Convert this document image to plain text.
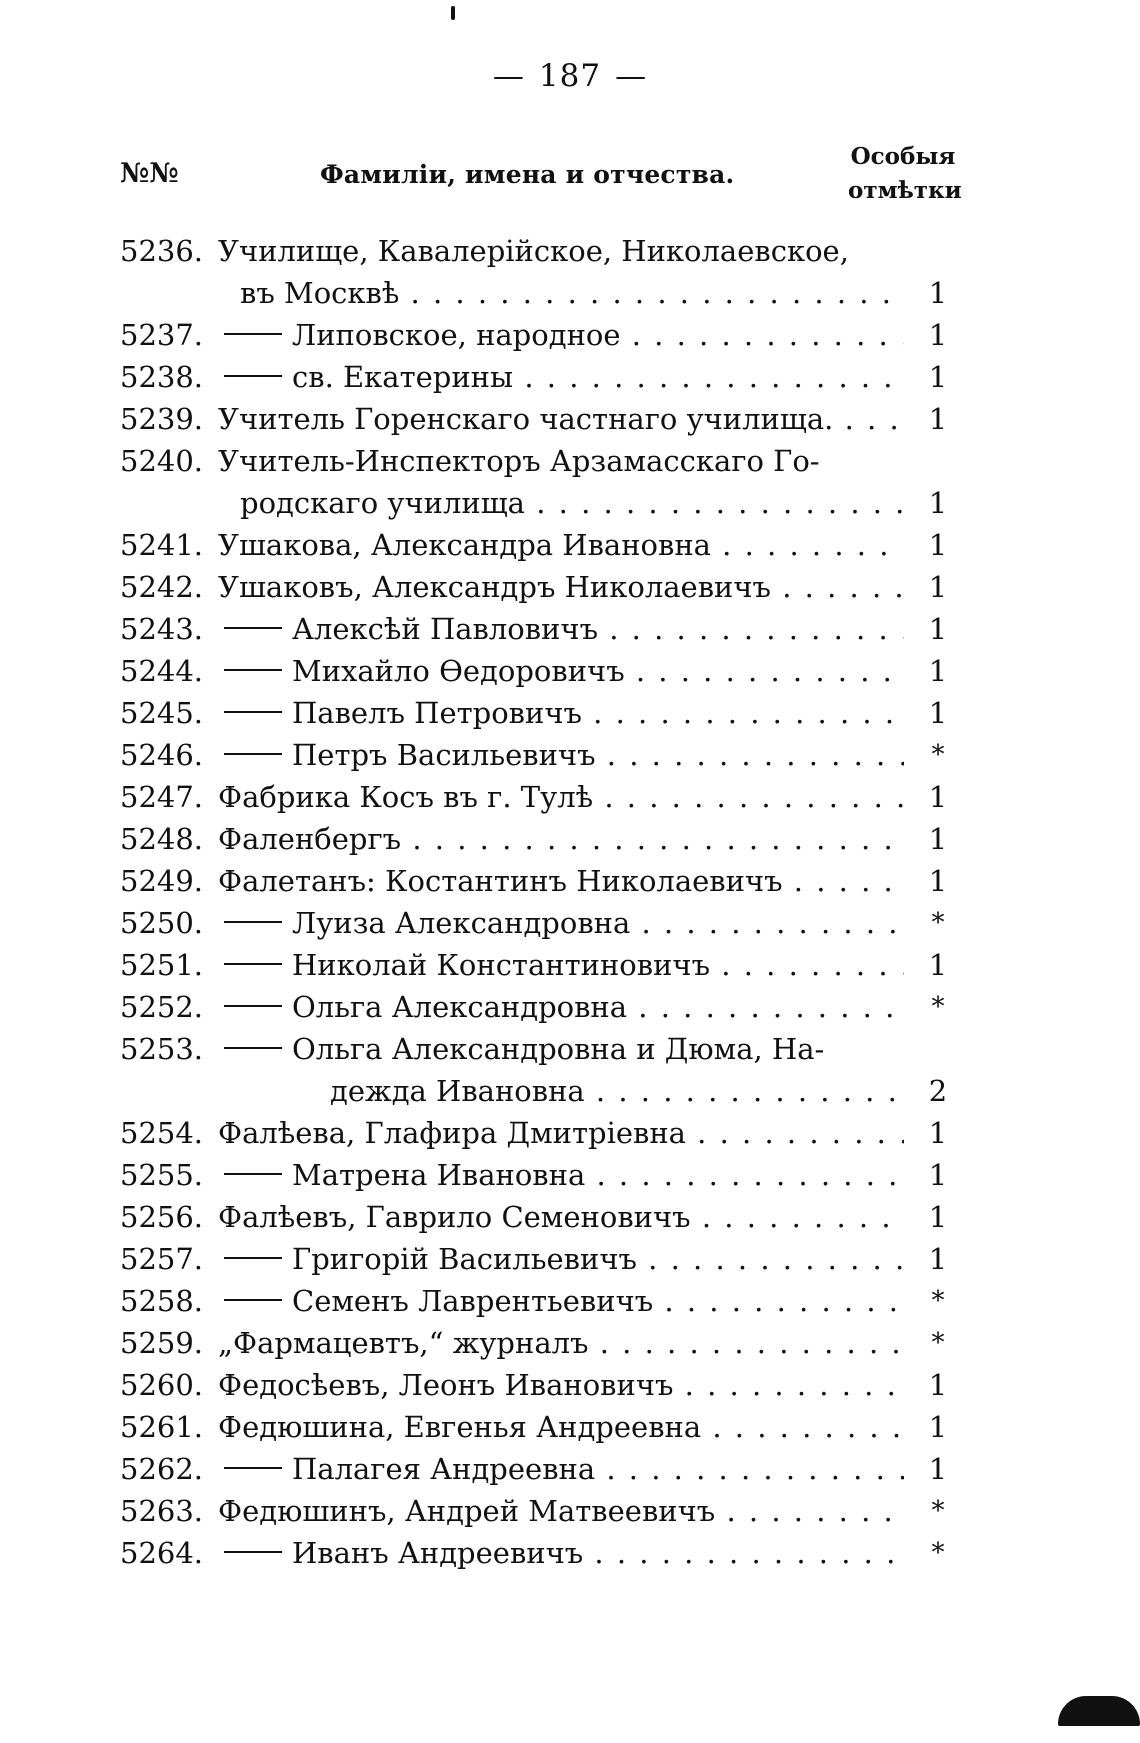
— 187 —
№№	Фамиліи, имена и отчества.
Особыя
отмѣтки
5236. Училище, Кавалерійское, Николаевское,
въ Москвѣ . . .	1
5237.	Липовское, народное . . .	1
5238.	св. Екатерины . . .	1
5239. Учитель Горенскаго частнаго училища. . . .	1
5240. Учитель-Инспекторъ Арзамасскаго Го-
родскаго училища . . .	1
5241. Ушакова, Александра Ивановна . . .	1
5242. Ушаковъ, Александръ Николаевичъ . . .	1
5243.	Алексѣй Павловичъ . . .	1
5244.	Михайло Өедоровичъ . . .	1
5245.	Павелъ Петровичъ . . .	1
5246.	Петръ Васильевичъ . . .	*
5247. Фабрика Косъ въ г. Тулѣ . . .	1
5248. Фаленбергъ . . .	1
5249. Фалетанъ: Костантинъ Николаевичъ . . .	1
5250.	Луиза Александровна . . .	*
5251.	Николай Константиновичъ . . .	1
5252.	Ольга Александровна . . .	*
5253.	Ольга Александровна и Дюма, На-
дежда Ивановна . . .	2
5254. Фалѣева, Глафира Дмитріевна . . .	1
5255.	Матрена Ивановна . . .	1
5256. Фалѣевъ, Гаврило Семеновичъ . . .	1
5257.	Григорій Васильевичъ . . .	1
5258.	Семенъ Лаврентьевичъ . . .	*
5259. „Фармацевтъ,“ журналъ . . .	*
5260. Федосѣевъ, Леонъ Ивановичъ . . .	1
5261. Федюшина, Евгенья Андреевна . . .	1
5262.	Палагея Андреевна . . .	1
5263. Федюшинъ, Андрей Матвеевичъ . . .	*
5264.	Иванъ Андреевичъ . . .	*
